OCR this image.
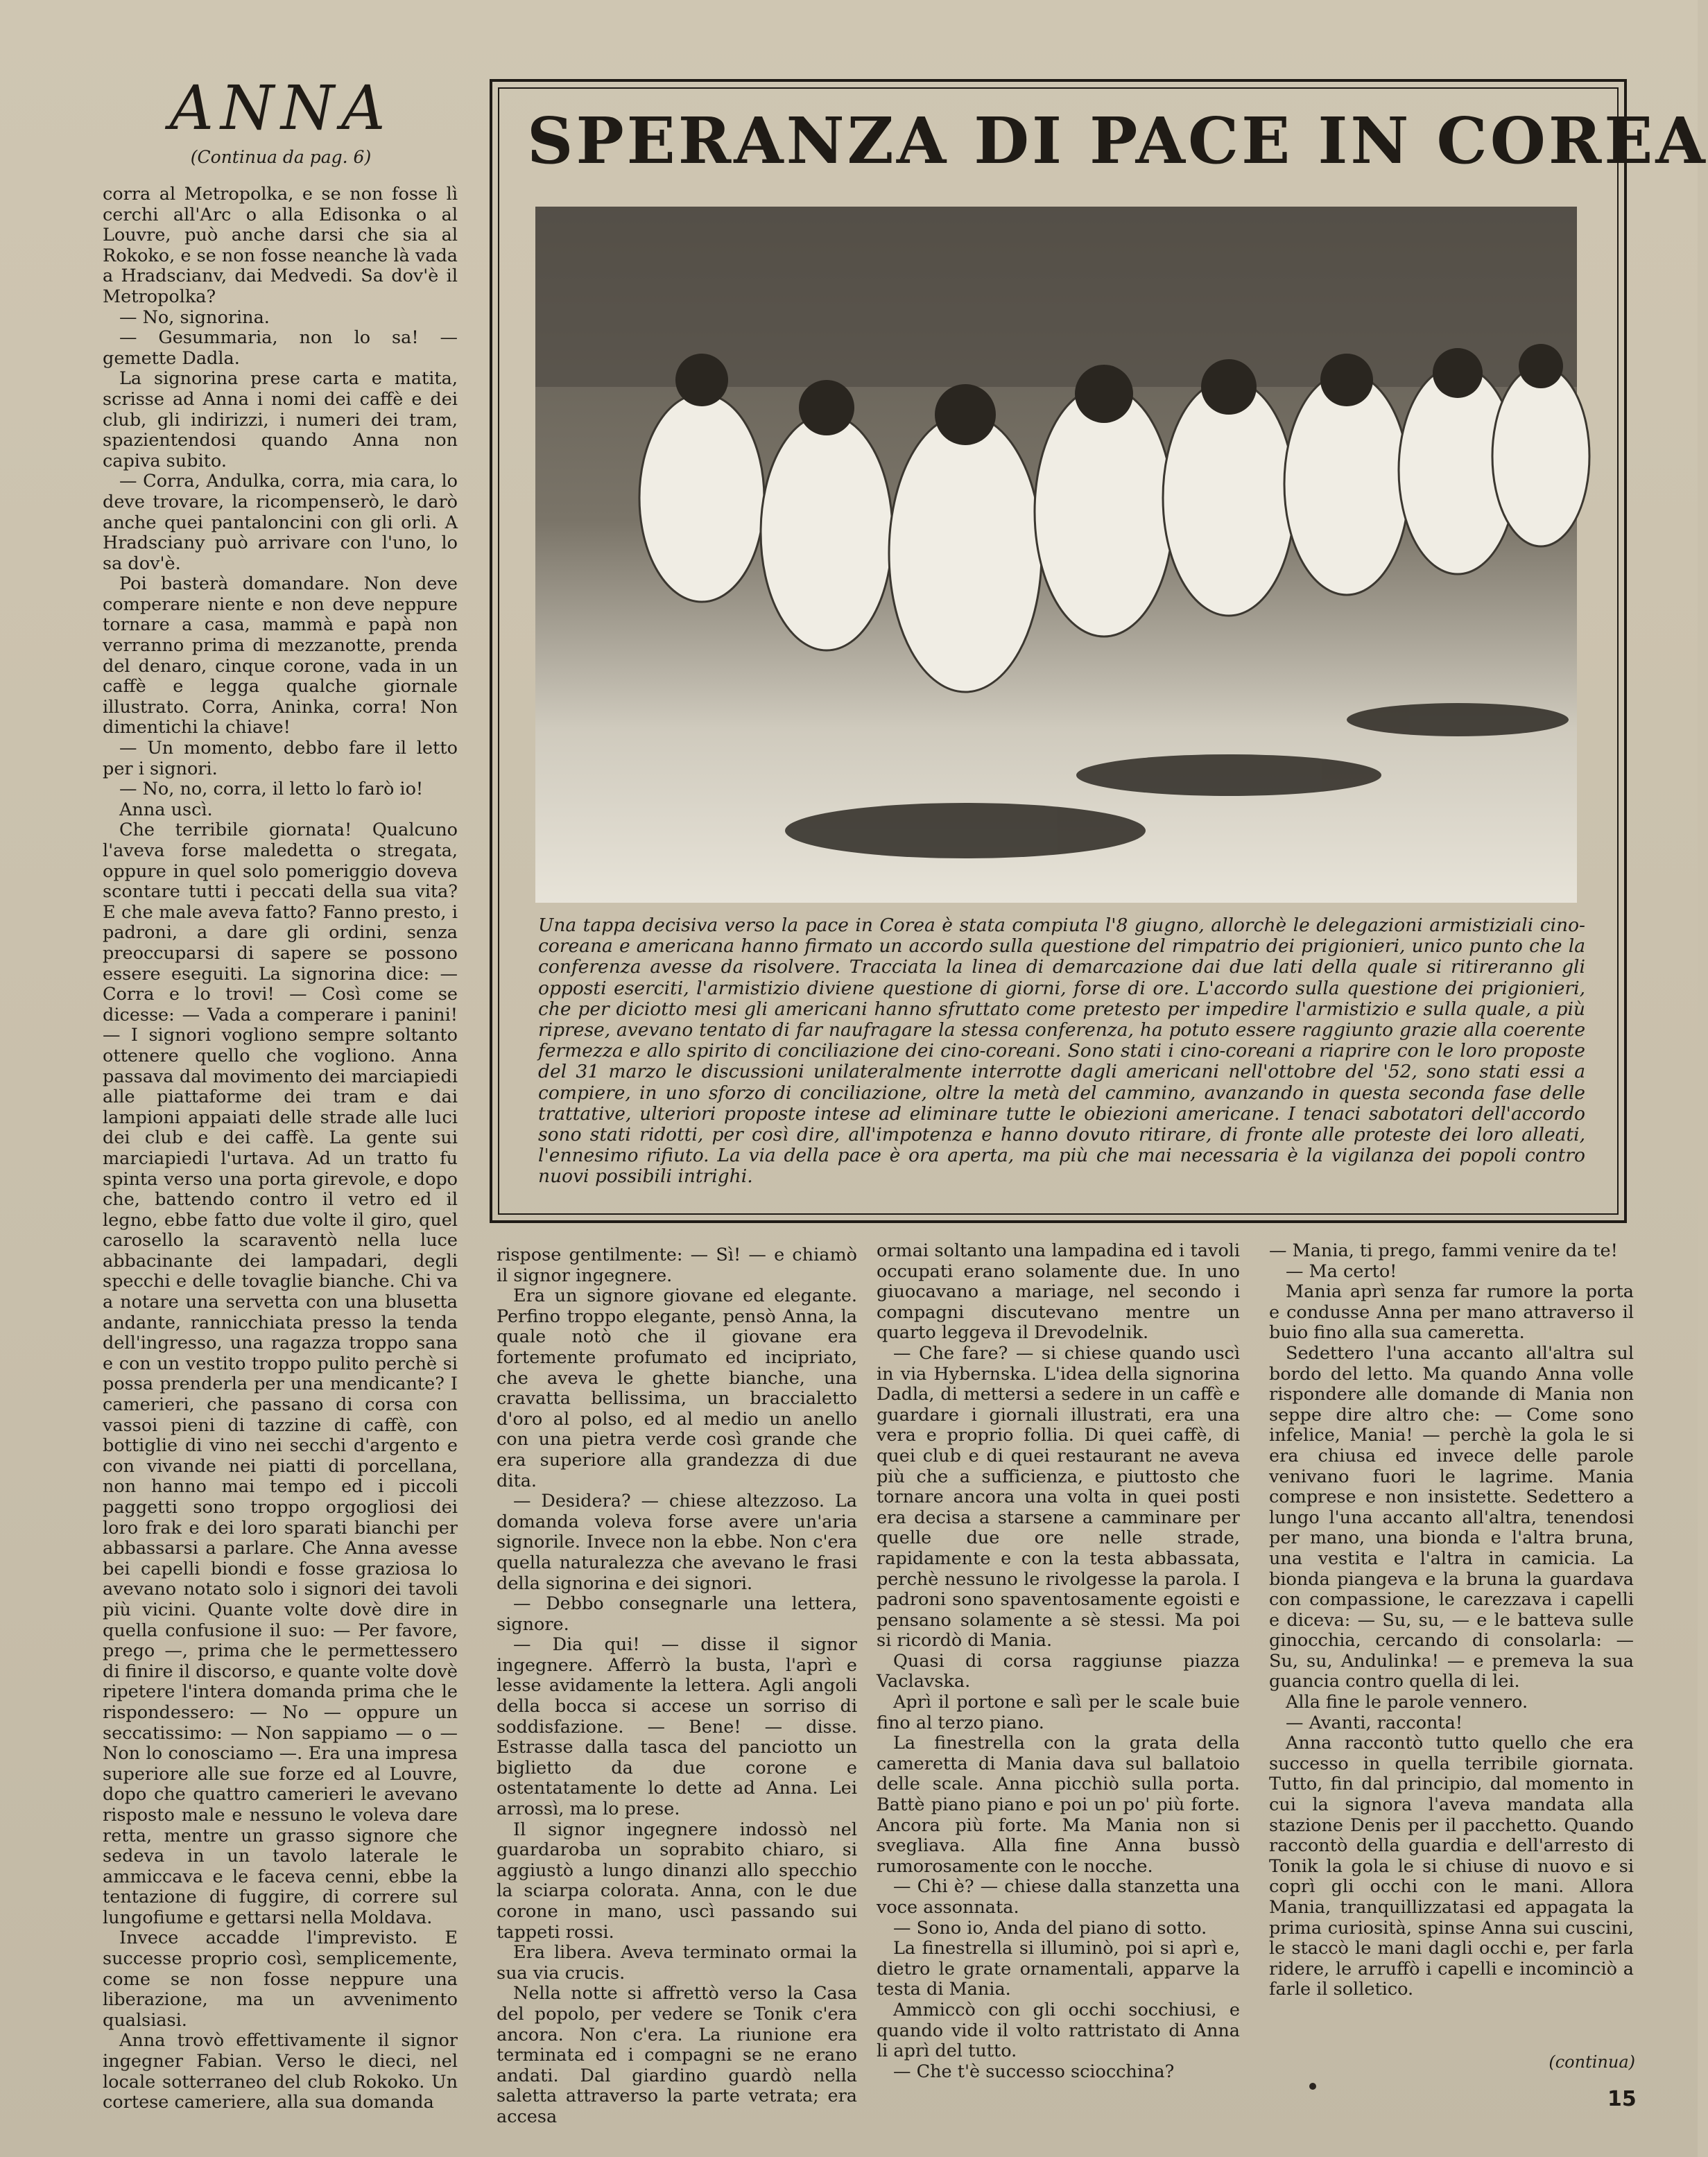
ANNA
(Continua da pag. 6)

corra al Metropolka, e se non fosse lì cerchi all'Arc o alla Edisonka o al Louvre, può anche darsi che sia al Rokoko, e se non fosse neanche là vada a Hradscianv, dai Medvedi. Sa dov'è il Metropolka?

— No, signorina.

— Gesummaria, non lo sa! — gemette Dadla.

La signorina prese carta e matita, scrisse ad Anna i nomi dei caffè e dei club, gli indirizzi, i numeri dei tram, spazientendosi quando Anna non capiva subito.

— Corra, Andulka, corra, mia cara, lo deve trovare, la ricompenserò, le darò anche quei pantaloncini con gli orli. A Hradsciany può arrivare con l'uno, lo sa dov'è.

Poi basterà domandare. Non deve comperare niente e non deve neppure tornare a casa, mammà e papà non verranno prima di mezzanotte, prenda del denaro, cinque corone, vada in un caffè e legga qualche giornale illustrato. Corra, Aninka, corra! Non dimentichi la chiave!

— Un momento, debbo fare il letto per i signori.

— No, no, corra, il letto lo farò io!

Anna uscì.

Che terribile giornata! Qualcuno l'aveva forse maledetta o stregata, oppure in quel solo pomeriggio doveva scontare tutti i peccati della sua vita? E che male aveva fatto? Fanno presto, i padroni, a dare gli ordini, senza preoccuparsi di sapere se possono essere eseguiti. La signorina dice: — Corra e lo trovi! — Così come se dicesse: — Vada a comperare i panini! — I signori vogliono sempre soltanto ottenere quello che vogliono. Anna passava dal movimento dei marciapiedi alle piattaforme dei tram e dai lampioni appaiati delle strade alle luci dei club e dei caffè. La gente sui marciapiedi l'urtava. Ad un tratto fu spinta verso una porta girevole, e dopo che, battendo contro il vetro ed il legno, ebbe fatto due volte il giro, quel carosello la scaraventò nella luce abbacinante dei lampadari, degli specchi e delle tovaglie bianche. Chi va a notare una servetta con una blusetta andante, rannicchiata presso la tenda dell'ingresso, una ragazza troppo sana e con un vestito troppo pulito perchè si possa prenderla per una mendicante? I camerieri, che passano di corsa con vassoi pieni di tazzine di caffè, con bottiglie di vino nei secchi d'argento e con vivande nei piatti di porcellana, non hanno mai tempo ed i piccoli paggetti sono troppo orgogliosi dei loro frak e dei loro sparati bianchi per abbassarsi a parlare. Che Anna avesse bei capelli biondi e fosse graziosa lo avevano notato solo i signori dei tavoli più vicini. Quante volte dovè dire in quella confusione il suo: — Per favore, prego —, prima che le permettessero di finire il discorso, e quante volte dovè ripetere l'intera domanda prima che le rispondessero: — No — oppure un seccatissimo: — Non sappiamo — o — Non lo conosciamo —. Era una impresa superiore alle sue forze ed al Louvre, dopo che quattro camerieri le avevano risposto male e nessuno le voleva dare retta, mentre un grasso signore che sedeva in un tavolo laterale le ammiccava e le faceva cenni, ebbe la tentazione di fuggire, di correre sul lungofiume e gettarsi nella Moldava.

Invece accadde l'imprevisto. E successe proprio così, semplicemente, come se non fosse neppure una liberazione, ma un avvenimento qualsiasi.

Anna trovò effettivamente il signor ingegner Fabian. Verso le dieci, nel locale sotterraneo del club Rokoko. Un cortese cameriere, alla sua domanda

SPERANZA DI PACE IN COREA

Una tappa decisiva verso la pace in Corea è stata compiuta l'8 giugno, allorchè le delegazioni armistiziali cino-coreana e americana hanno firmato un accordo sulla questione del rimpatrio dei prigionieri, unico punto che la conferenza avesse da risolvere. Tracciata la linea di demarcazione dai due lati della quale si ritireranno gli opposti eserciti, l'armistizio diviene questione di giorni, forse di ore. L'accordo sulla questione dei prigionieri, che per diciotto mesi gli americani hanno sfruttato come pretesto per impedire l'armistizio e sulla quale, a più riprese, avevano tentato di far naufragare la stessa conferenza, ha potuto essere raggiunto grazie alla coerente fermezza e allo spirito di conciliazione dei cino-coreani. Sono stati i cino-coreani a riaprire con le loro proposte del 31 marzo le discussioni unilateralmente interrotte dagli americani nell'ottobre del '52, sono stati essi a compiere, in uno sforzo di conciliazione, oltre la metà del cammino, avanzando in questa seconda fase delle trattative, ulteriori proposte intese ad eliminare tutte le obiezioni americane. I tenaci sabotatori dell'accordo sono stati ridotti, per così dire, all'impotenza e hanno dovuto ritirare, di fronte alle proteste dei loro alleati, l'ennesimo rifiuto. La via della pace è ora aperta, ma più che mai necessaria è la vigilanza dei popoli contro nuovi possibili intrighi.

rispose gentilmente: — Sì! — e chiamò il signor ingegnere.

Era un signore giovane ed elegante. Perfino troppo elegante, pensò Anna, la quale notò che il giovane era fortemente profumato ed incipriato, che aveva le ghette bianche, una cravatta bellissima, un braccialetto d'oro al polso, ed al medio un anello con una pietra verde così grande che era superiore alla grandezza di due dita.

— Desidera? — chiese altezzoso. La domanda voleva forse avere un'aria signorile. Invece non la ebbe. Non c'era quella naturalezza che avevano le frasi della signorina e dei signori.

— Debbo consegnarle una lettera, signore.

— Dia qui! — disse il signor ingegnere. Afferrò la busta, l'aprì e lesse avidamente la lettera. Agli angoli della bocca si accese un sorriso di soddisfazione. — Bene! — disse. Estrasse dalla tasca del panciotto un biglietto da due corone e ostentatamente lo dette ad Anna. Lei arrossì, ma lo prese.

Il signor ingegnere indossò nel guardaroba un soprabito chiaro, si aggiustò a lungo dinanzi allo specchio la sciarpa colorata. Anna, con le due corone in mano, uscì passando sui tappeti rossi.

Era libera. Aveva terminato ormai la sua via crucis.

Nella notte si affrettò verso la Casa del popolo, per vedere se Tonik c'era ancora. Non c'era. La riunione era terminata ed i compagni se ne erano andati. Dal giardino guardò nella saletta attraverso la parte vetrata; era accesa

ormai soltanto una lampadina ed i tavoli occupati erano solamente due. In uno giuocavano a mariage, nel secondo i compagni discutevano mentre un quarto leggeva il Drevodelnik.

— Che fare? — si chiese quando uscì in via Hybernska. L'idea della signorina Dadla, di mettersi a sedere in un caffè e guardare i giornali illustrati, era una vera e proprio follia. Di quei caffè, di quei club e di quei restaurant ne aveva più che a sufficienza, e piuttosto che tornare ancora una volta in quei posti era decisa a starsene a camminare per quelle due ore nelle strade, rapidamente e con la testa abbassata, perchè nessuno le rivolgesse la parola. I padroni sono spaventosamente egoisti e pensano solamente a sè stessi. Ma poi si ricordò di Mania.

Quasi di corsa raggiunse piazza Vaclavska.

Aprì il portone e salì per le scale buie fino al terzo piano.

La finestrella con la grata della cameretta di Mania dava sul ballatoio delle scale. Anna picchiò sulla porta. Battè piano piano e poi un po' più forte. Ancora più forte. Ma Mania non si svegliava. Alla fine Anna bussò rumorosamente con le nocche.

— Chi è? — chiese dalla stanzetta una voce assonnata.

— Sono io, Anda del piano di sotto.

La finestrella si illuminò, poi si aprì e, dietro le grate ornamentali, apparve la testa di Mania.

Ammiccò con gli occhi socchiusi, e quando vide il volto rattristato di Anna li aprì del tutto.

— Che t'è successo sciocchina?

— Mania, ti prego, fammi venire da te!

— Ma certo!

Mania aprì senza far rumore la porta e condusse Anna per mano attraverso il buio fino alla sua cameretta.

Sedettero l'una accanto all'altra sul bordo del letto. Ma quando Anna volle rispondere alle domande di Mania non seppe dire altro che: — Come sono infelice, Mania! — perchè la gola le si era chiusa ed invece delle parole venivano fuori le lagrime. Mania comprese e non insistette. Sedettero a lungo l'una accanto all'altra, tenendosi per mano, una bionda e l'altra bruna, una vestita e l'altra in camicia. La bionda piangeva e la bruna la guardava con compassione, le carezzava i capelli e diceva: — Su, su, — e le batteva sulle ginocchia, cercando di consolarla: — Su, su, Andulinka! — e premeva la sua guancia contro quella di lei.

Alla fine le parole vennero.

— Avanti, racconta!

Anna raccontò tutto quello che era successo in quella terribile giornata. Tutto, fin dal principio, dal momento in cui la signora l'aveva mandata alla stazione Denis per il pacchetto. Quando raccontò della guardia e dell'arresto di Tonik la gola le si chiuse di nuovo e si coprì gli occhi con le mani. Allora Mania, tranquillizzatasi ed appagata la prima curiosità, spinse Anna sui cuscini, le staccò le mani dagli occhi e, per farla ridere, le arruffò i capelli e incominciò a farle il solletico.

(continua)
15
